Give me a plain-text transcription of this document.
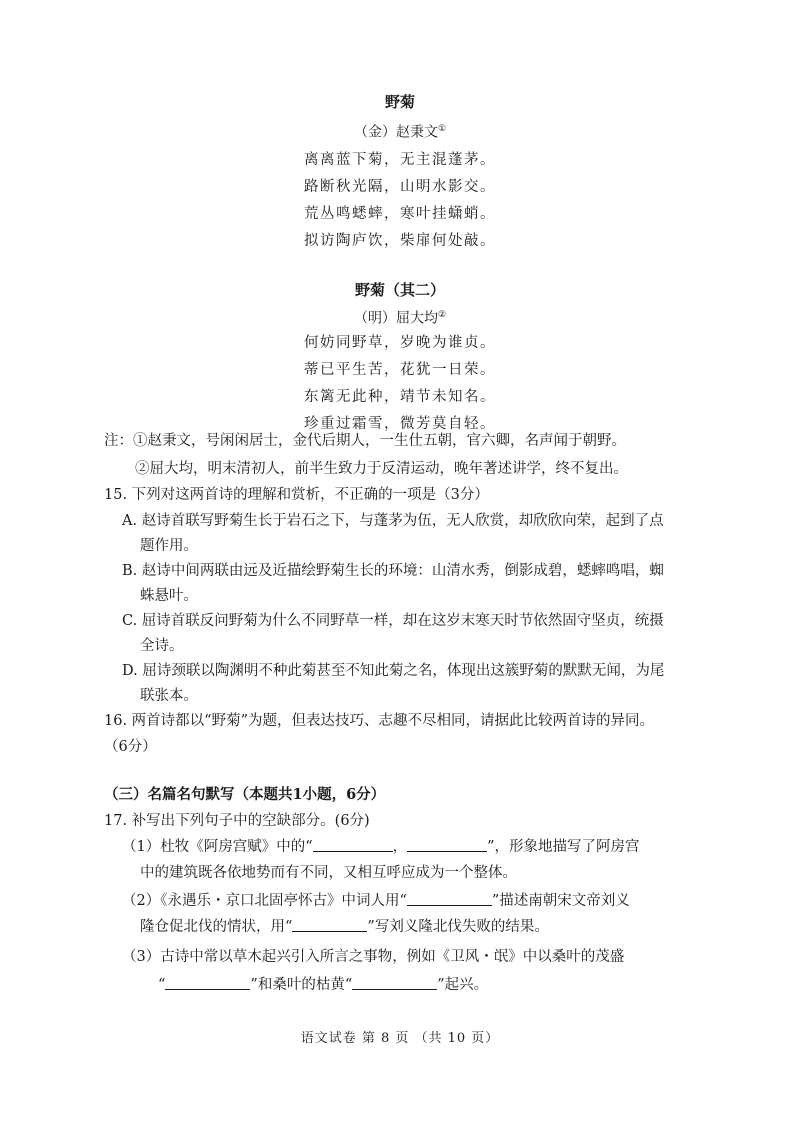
野菊

（金）赵秉文①

离离蓝下菊，无主混蓬茅。

路断秋光隔，山明水影交。

荒丛鸣蟋蟀，寒叶挂蟏蛸。

拟访陶庐饮，柴扉何处敲。

野菊（其二）

（明）屈大均②

何妨同野草，岁晚为谁贞。

蒂已平生苦，花犹一日荣。

东篱无此种，靖节未知名。

珍重过霜雪，微芳莫自轻。

注：①赵秉文，号闲闲居士，金代后期人，一生仕五朝，官六卿，名声闻于朝野。
②屈大均，明末清初人，前半生致力于反清运动，晚年著述讲学，终不复出。
15. 下列对这两首诗的理解和赏析，不正确的一项是（3分）
A. 赵诗首联写野菊生长于岩石之下，与蓬茅为伍，无人欣赏，却欣欣向荣，起到了点
题作用。
B. 赵诗中间两联由远及近描绘野菊生长的环境：山清水秀，倒影成碧，蟋蟀鸣唱，蜘
蛛悬叶。
C. 屈诗首联反问野菊为什么不同野草一样，却在这岁末寒天时节依然固守坚贞，统摄
全诗。
D. 屈诗颈联以陶渊明不种此菊甚至不知此菊之名，体现出这簇野菊的默默无闻，为尾
联张本。
16. 两首诗都以“野菊”为题，但表达技巧、志趣不尽相同，请据此比较两首诗的异同。
（6分）
（三）名篇名句默写（本题共1小题，6分）
17. 补写出下列句子中的空缺部分。(6分)
（1）杜牧《阿房宫赋》中的“	，	”，形象地描写了阿房宫
中的建筑既各依地势而有不同，又相互呼应成为一个整体。
（2）《永遇乐・京口北固亭怀古》中词人用“	”描述南朝宋文帝刘义
隆仓促北伐的情状，用“	”写刘义隆北伐失败的结果。
（3）古诗中常以草木起兴引入所言之事物，例如《卫风・氓》中以桑叶的茂盛
“	”和桑叶的枯黄“	”起兴。
语文试卷 第 8 页 （共 10 页）
